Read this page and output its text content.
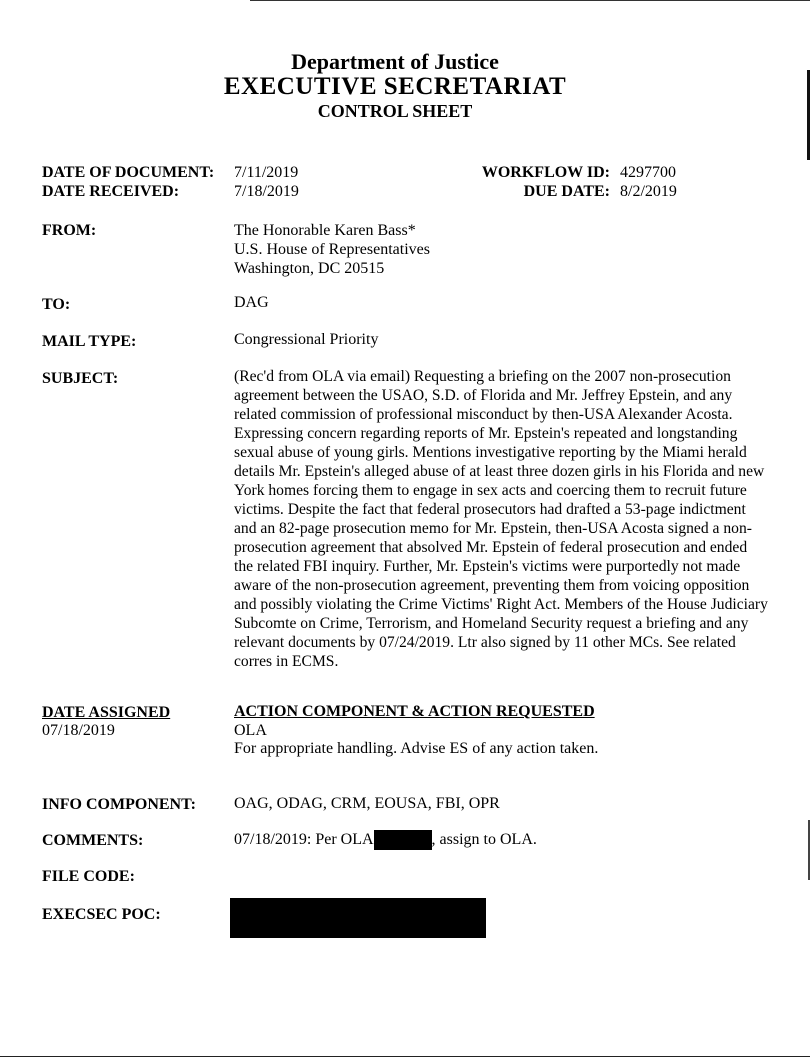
Department of Justice
EXECUTIVE SECRETARIAT
CONTROL SHEET
DATE OF DOCUMENT: 7/11/2019
DATE RECEIVED:	7/18/2019
WORKFLOW ID: 4297700
DUE DATE: 8/2/2019
FROM:	The Honorable Karen Bass*
U.S. House of Representatives
Washington, DC 20515
TO:	DAG
MAIL TYPE:	Congressional Priority
SUBJECT:	(Rec'd from OLA via email) Requesting a briefing on the 2007 non-prosecution agreement between the USAO, S.D. of Florida and Mr. Jeffrey Epstein, and any related commission of professional misconduct by then-USA Alexander Acosta. Expressing concern regarding reports of Mr. Epstein's repeated and longstanding sexual abuse of young girls. Mentions investigative reporting by the Miami herald details Mr. Epstein's alleged abuse of at least three dozen girls in his Florida and new York homes forcing them to engage in sex acts and coercing them to recruit future victims. Despite the fact that federal prosecutors had drafted a 53-page indictment and an 82-page prosecution memo for Mr. Epstein, then-USA Acosta signed a non-prosecution agreement that absolved Mr. Epstein of federal prosecution and ended the related FBI inquiry. Further, Mr. Epstein's victims were purportedly not made aware of the non-prosecution agreement, preventing them from voicing opposition and possibly violating the Crime Victims' Right Act. Members of the House Judiciary Subcomte on Crime, Terrorism, and Homeland Security request a briefing and any relevant documents by 07/24/2019. Ltr also signed by 11 other MCs. See related corres in ECMS.
DATE ASSIGNED
07/18/2019
ACTION COMPONENT & ACTION REQUESTED
OLA
For appropriate handling. Advise ES of any action taken.
INFO COMPONENT: OAG, ODAG, CRM, EOUSA, FBI, OPR
COMMENTS:	07/18/2019: Per OLA	, assign to OLA.
FILE CODE:
EXECSEC POC:
